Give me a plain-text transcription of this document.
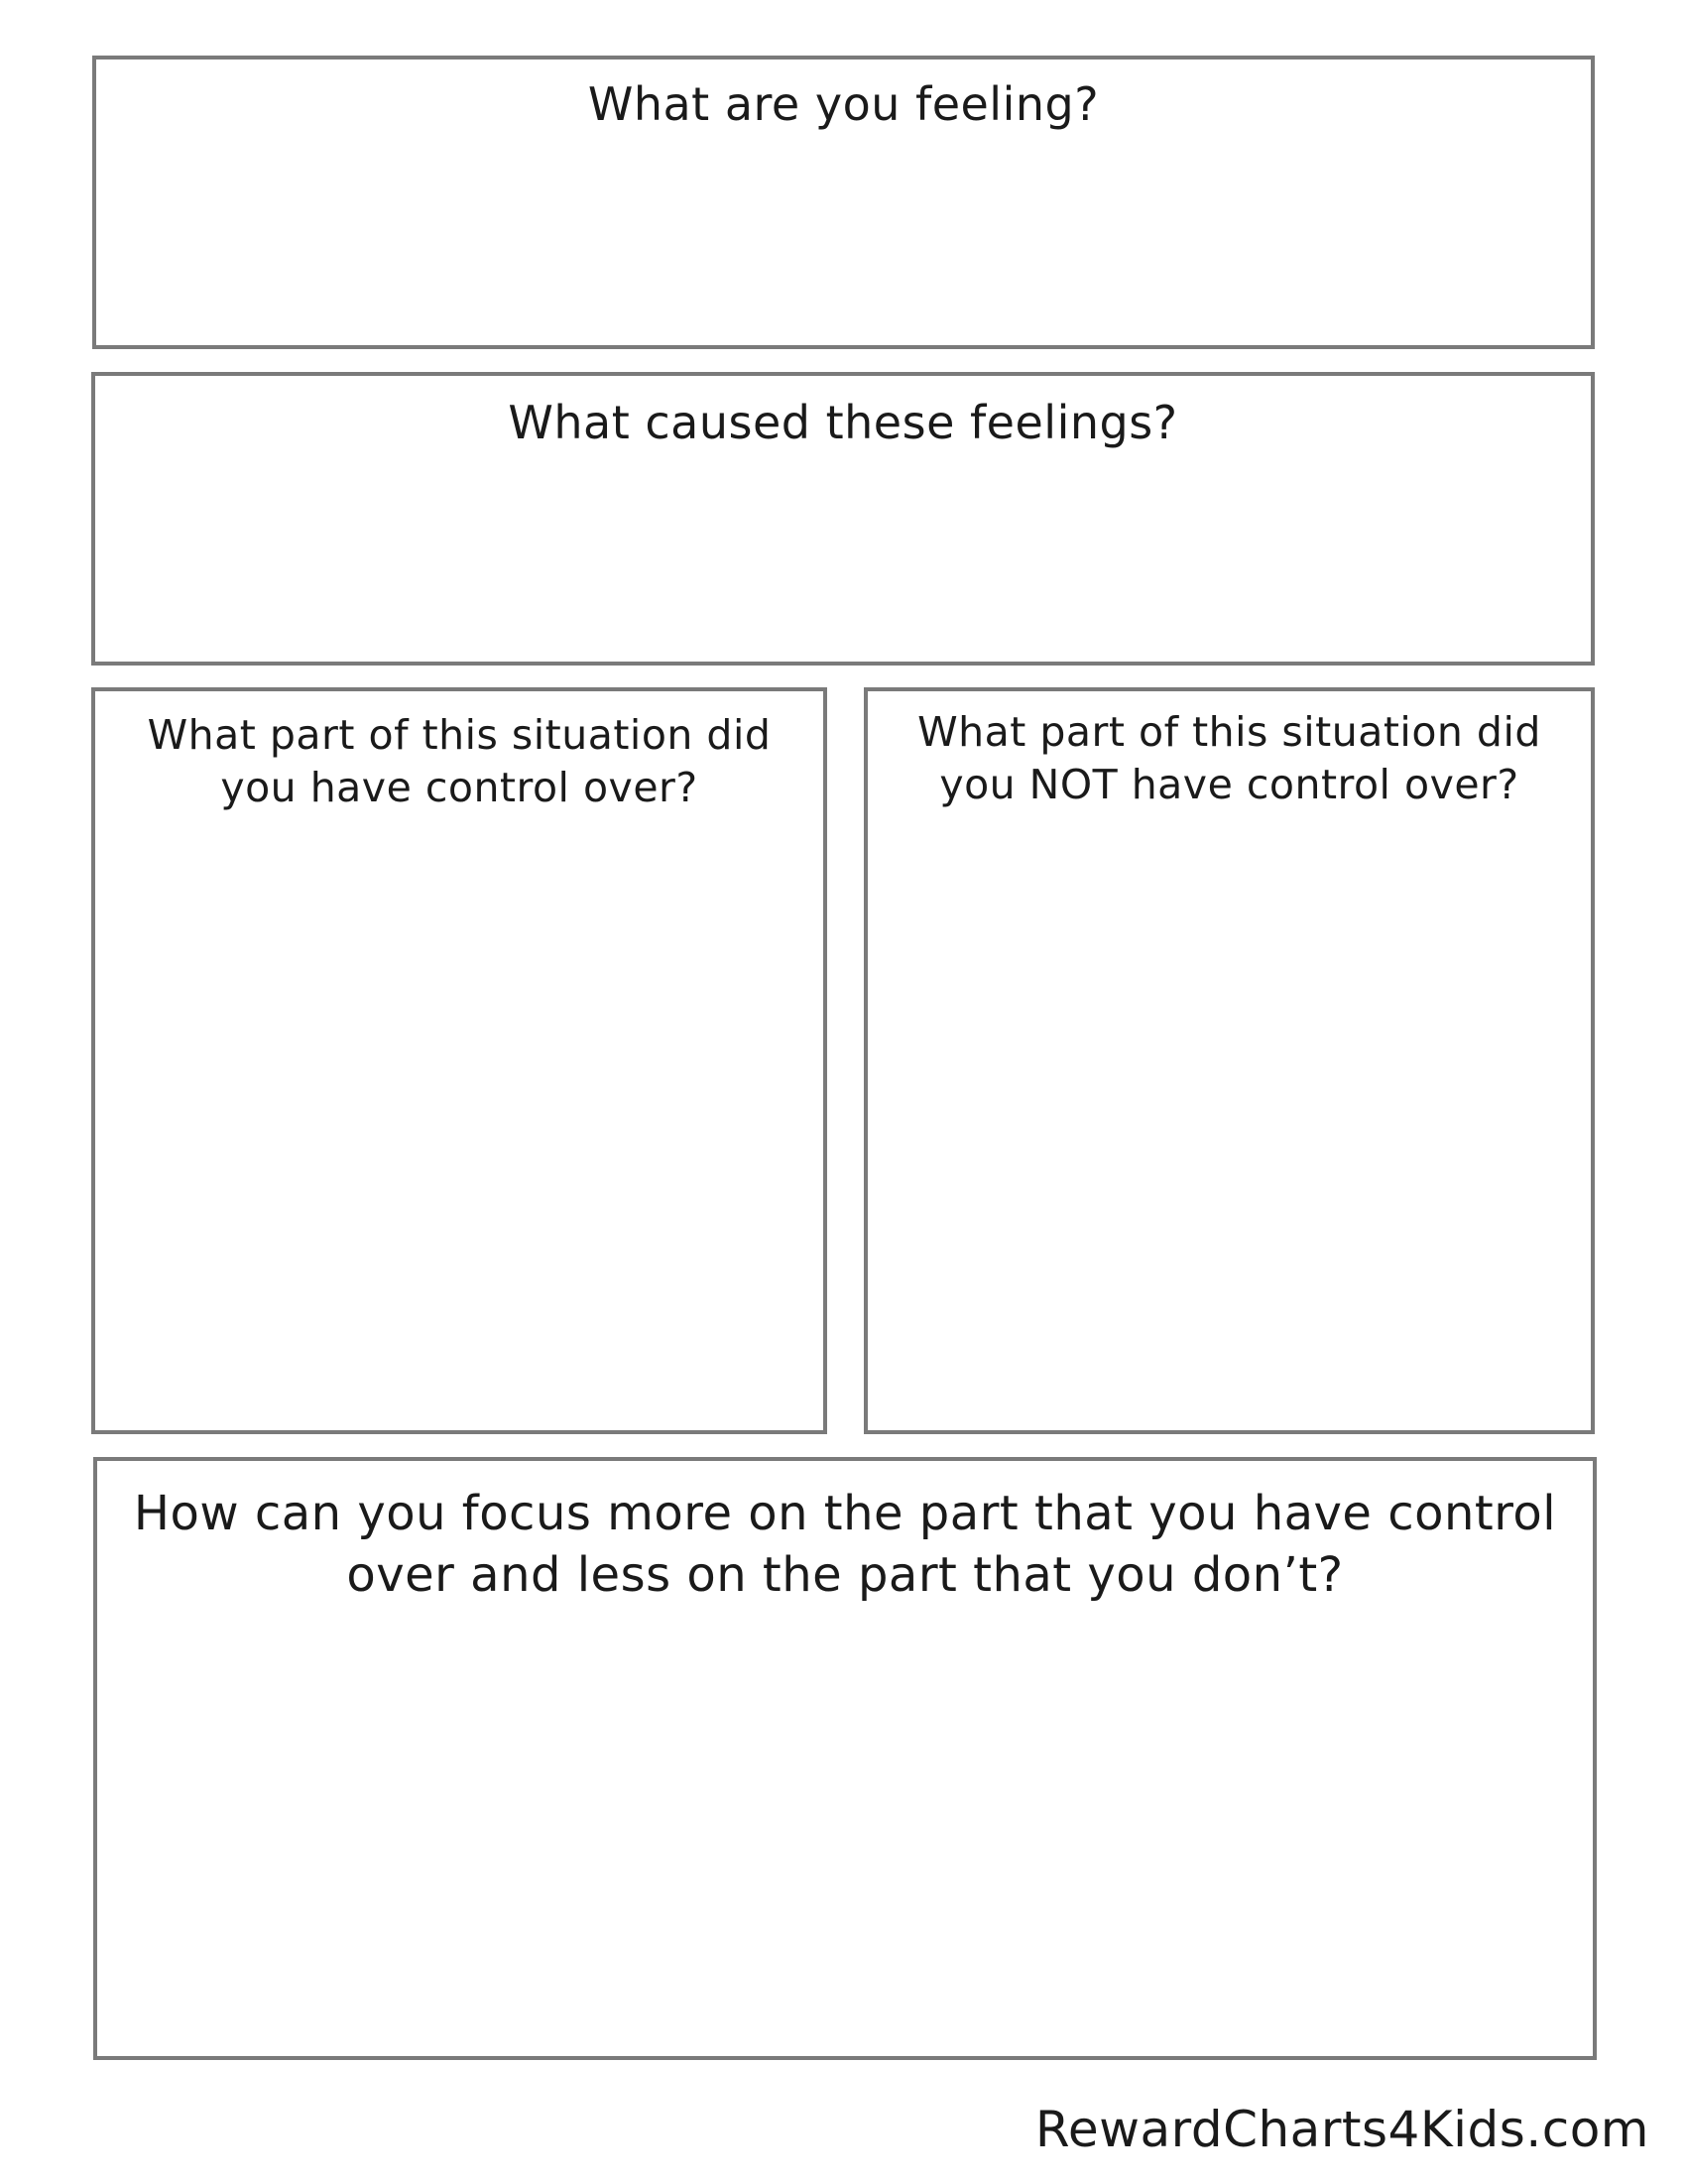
What are you feeling?
What caused these feelings?
What part of this situation did you have control over?
What part of this situation did you NOT have control over?
How can you focus more on the part that you have control over and less on the part that you don’t?
RewardCharts4Kids.com
